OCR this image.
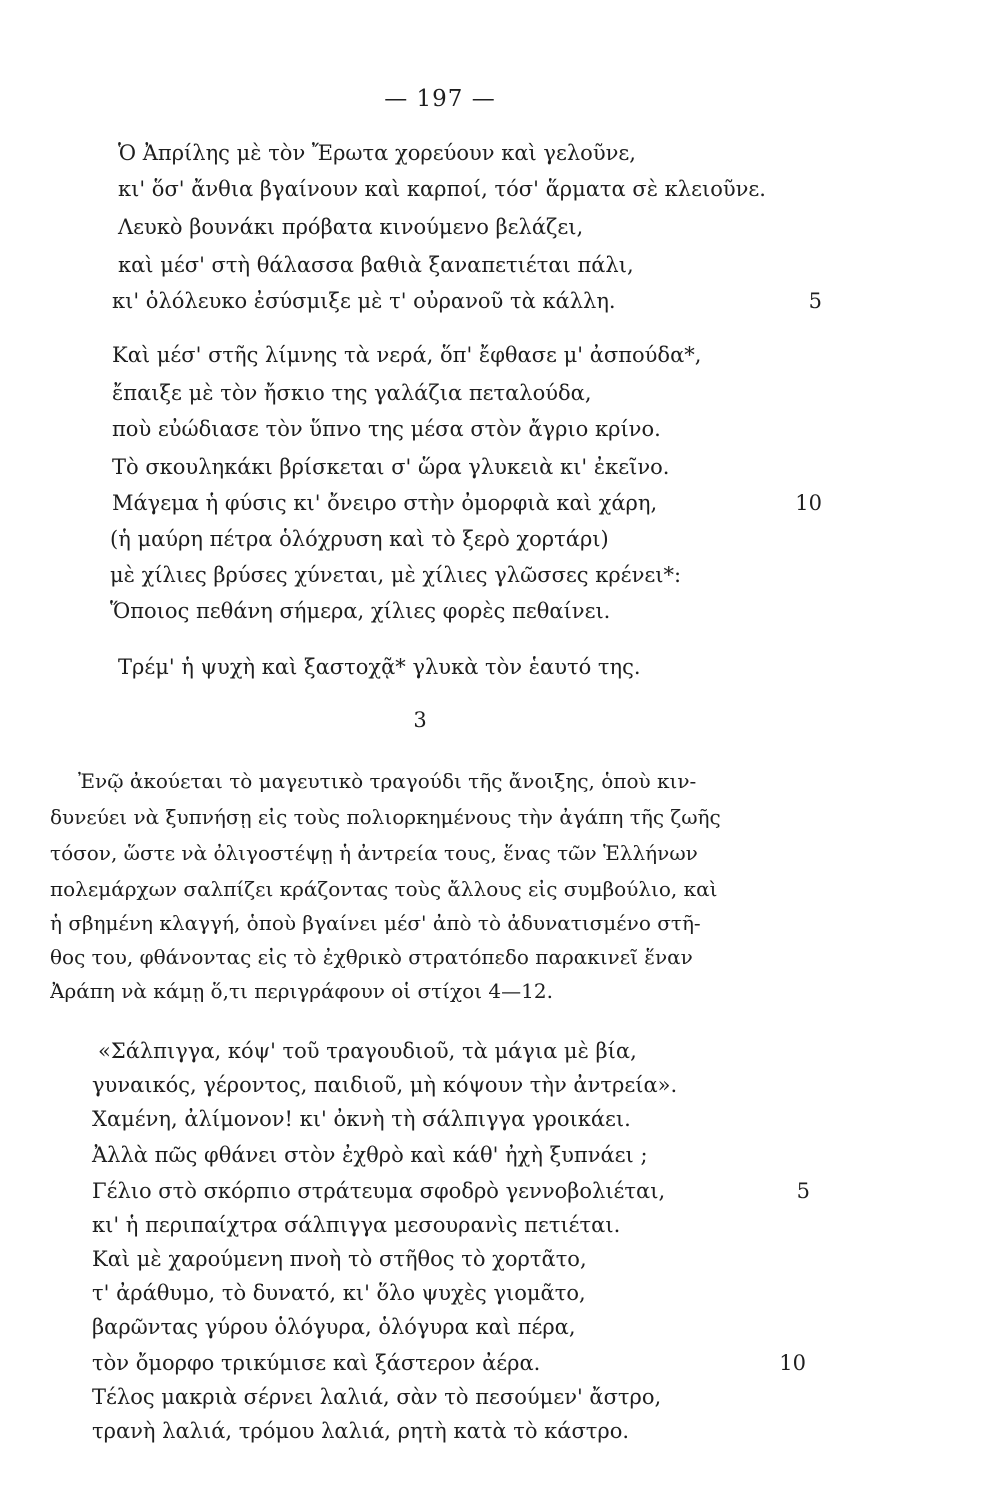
— 197 —
Ὁ Ἀπρίλης μὲ τὸν Ἔρωτα χορεύουν καὶ γελοῦνε,
κι' ὅσ' ἄνθια βγαίνουν καὶ καρποί, τόσ' ἅρματα σὲ κλειοῦνε.
Λευκὸ βουνάκι πρόβατα κινούμενο βελάζει,
καὶ μέσ' στὴ θάλασσα βαθιὰ ξαναπετιέται πάλι,
κι' ὁλόλευκο ἐσύσμιξε μὲ τ' οὐρανοῦ τὰ κάλλη.	5
Καὶ μέσ' στῆς λίμνης τὰ νερά, ὅπ' ἔφθασε μ' ἀσπούδα*,
ἔπαιξε μὲ τὸν ἤσκιο της γαλάζια πεταλούδα,
ποὺ εὐώδιασε τὸν ὕπνο της μέσα στὸν ἄγριο κρίνο.
Τὸ σκουληκάκι βρίσκεται σ' ὥρα γλυκειὰ κι' ἐκεῖνο.
Μάγεμα ἡ φύσις κι' ὄνειρο στὴν ὀμορφιὰ καὶ χάρη,	10
(ἡ μαύρη πέτρα ὁλόχρυση καὶ τὸ ξερὸ χορτάρι)
μὲ χίλιες βρύσες χύνεται, μὲ χίλιες γλῶσσες κρένει*:
Ὅποιος πεθάνη σήμερα, χίλιες φορὲς πεθαίνει.
Τρέμ' ἡ ψυχὴ καὶ ξαστοχᾷ* γλυκὰ τὸν ἑαυτό της.
3
Ἐνῷ ἀκούεται τὸ μαγευτικὸ τραγούδι τῆς ἄνοιξης, ὁποὺ κιν-
δυνεύει νὰ ξυπνήσῃ εἰς τοὺς πολιορκημένους τὴν ἀγάπη τῆς ζωῆς
τόσον, ὥστε νὰ ὀλιγοστέψῃ ἡ ἀντρεία τους, ἕνας τῶν Ἑλλήνων
πολεμάρχων σαλπίζει κράζοντας τοὺς ἄλλους εἰς συμβούλιο, καὶ
ἡ σβημένη κλαγγή, ὁποὺ βγαίνει μέσ' ἀπὸ τὸ ἀδυνατισμένο στῆ-
θος του, φθάνοντας εἰς τὸ ἐχθρικὸ στρατόπεδο παρακινεῖ ἕναν
Ἀράπη νὰ κάμῃ ὅ,τι περιγράφουν οἱ στίχοι 4—12.
«Σάλπιγγα, κόψ' τοῦ τραγουδιοῦ, τὰ μάγια μὲ βία,
γυναικός, γέροντος, παιδιοῦ, μὴ κόψουν τὴν ἀντρεία».
Χαμένη, ἀλίμονον! κι' ὀκνὴ τὴ σάλπιγγα γροικάει.
Ἀλλὰ πῶς φθάνει στὸν ἐχθρὸ καὶ κάθ' ἠχὴ ξυπνάει ;
Γέλιο στὸ σκόρπιο στράτευμα σφοδρὸ γεννοβολιέται,	5
κι' ἡ περιπαίχτρα σάλπιγγα μεσουρανὶς πετιέται.
Καὶ μὲ χαρούμενη πνοὴ τὸ στῆθος τὸ χορτᾶτο,
τ' ἀράθυμο, τὸ δυνατό, κι' ὅλο ψυχὲς γιομᾶτο,
βαρῶντας γύρου ὁλόγυρα, ὁλόγυρα καὶ πέρα,
τὸν ὄμορφο τρικύμισε καὶ ξάστερον ἀέρα.	10
Τέλος μακριὰ σέρνει λαλιά, σὰν τὸ πεσούμεν' ἄστρο,
τρανὴ λαλιά, τρόμου λαλιά, ρητὴ κατὰ τὸ κάστρο.
